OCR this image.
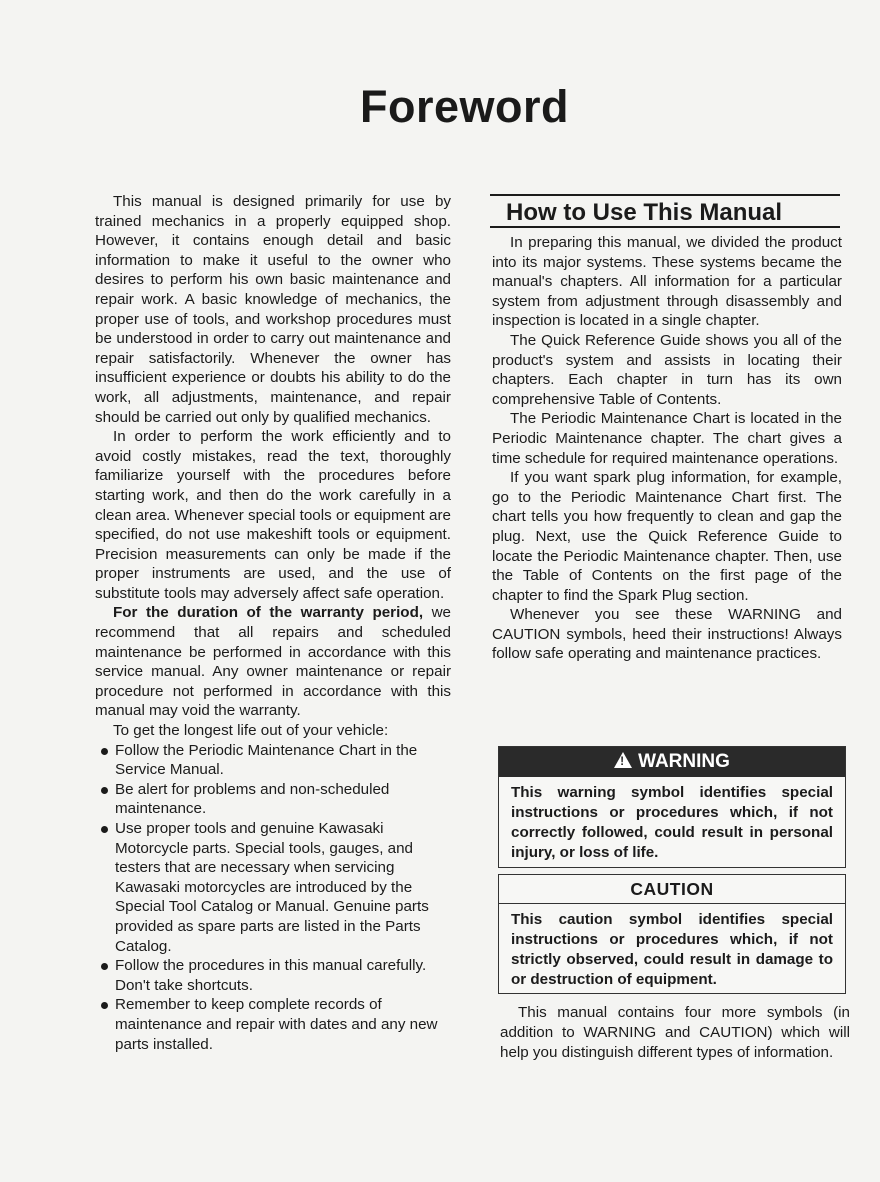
Foreword

This manual is designed primarily for use by trained mechanics in a properly equipped shop. However, it contains enough detail and basic information to make it useful to the owner who desires to perform his own basic maintenance and repair work. A basic knowledge of mechanics, the proper use of tools, and workshop procedures must be understood in order to carry out maintenance and repair satisfactorily. Whenever the owner has insufficient experience or doubts his ability to do the work, all adjustments, maintenance, and repair should be carried out only by qualified mechanics.

In order to perform the work efficiently and to avoid costly mistakes, read the text, thoroughly familiarize yourself with the procedures before starting work, and then do the work carefully in a clean area. Whenever special tools or equipment are specified, do not use makeshift tools or equipment. Precision measurements can only be made if the proper instruments are used, and the use of substitute tools may adversely affect safe operation.

For the duration of the warranty period, we recommend that all repairs and scheduled maintenance be performed in accordance with this service manual. Any owner maintenance or repair procedure not performed in accordance with this manual may void the warranty.

To get the longest life out of your vehicle:

Follow the Periodic Maintenance Chart in the Service Manual.
Be alert for problems and non-scheduled maintenance.
Use proper tools and genuine Kawasaki Motorcycle parts. Special tools, gauges, and testers that are necessary when servicing Kawasaki motorcycles are introduced by the Special Tool Catalog or Manual. Genuine parts provided as spare parts are listed in the Parts Catalog.
Follow the procedures in this manual carefully. Don't take shortcuts.
Remember to keep complete records of maintenance and repair with dates and any new parts installed.
How to Use This Manual

In preparing this manual, we divided the product into its major systems. These systems became the manual's chapters. All information for a particular system from adjustment through disassembly and inspection is located in a single chapter.

The Quick Reference Guide shows you all of the product's system and assists in locating their chapters. Each chapter in turn has its own comprehensive Table of Contents.

The Periodic Maintenance Chart is located in the Periodic Maintenance chapter. The chart gives a time schedule for required maintenance operations.

If you want spark plug information, for example, go to the Periodic Maintenance Chart first. The chart tells you how frequently to clean and gap the plug. Next, use the Quick Reference Guide to locate the Periodic Maintenance chapter. Then, use the Table of Contents on the first page of the chapter to find the Spark Plug section.

Whenever you see these WARNING and CAUTION symbols, heed their instructions! Always follow safe operating and maintenance practices.

!WARNING
This warning symbol identifies special instructions or procedures which, if not correctly followed, could result in personal injury, or loss of life.
CAUTION
This caution symbol identifies special instructions or procedures which, if not strictly observed, could result in damage to or destruction of equipment.

This manual contains four more symbols (in addition to WARNING and CAUTION) which will help you distinguish different types of information.
